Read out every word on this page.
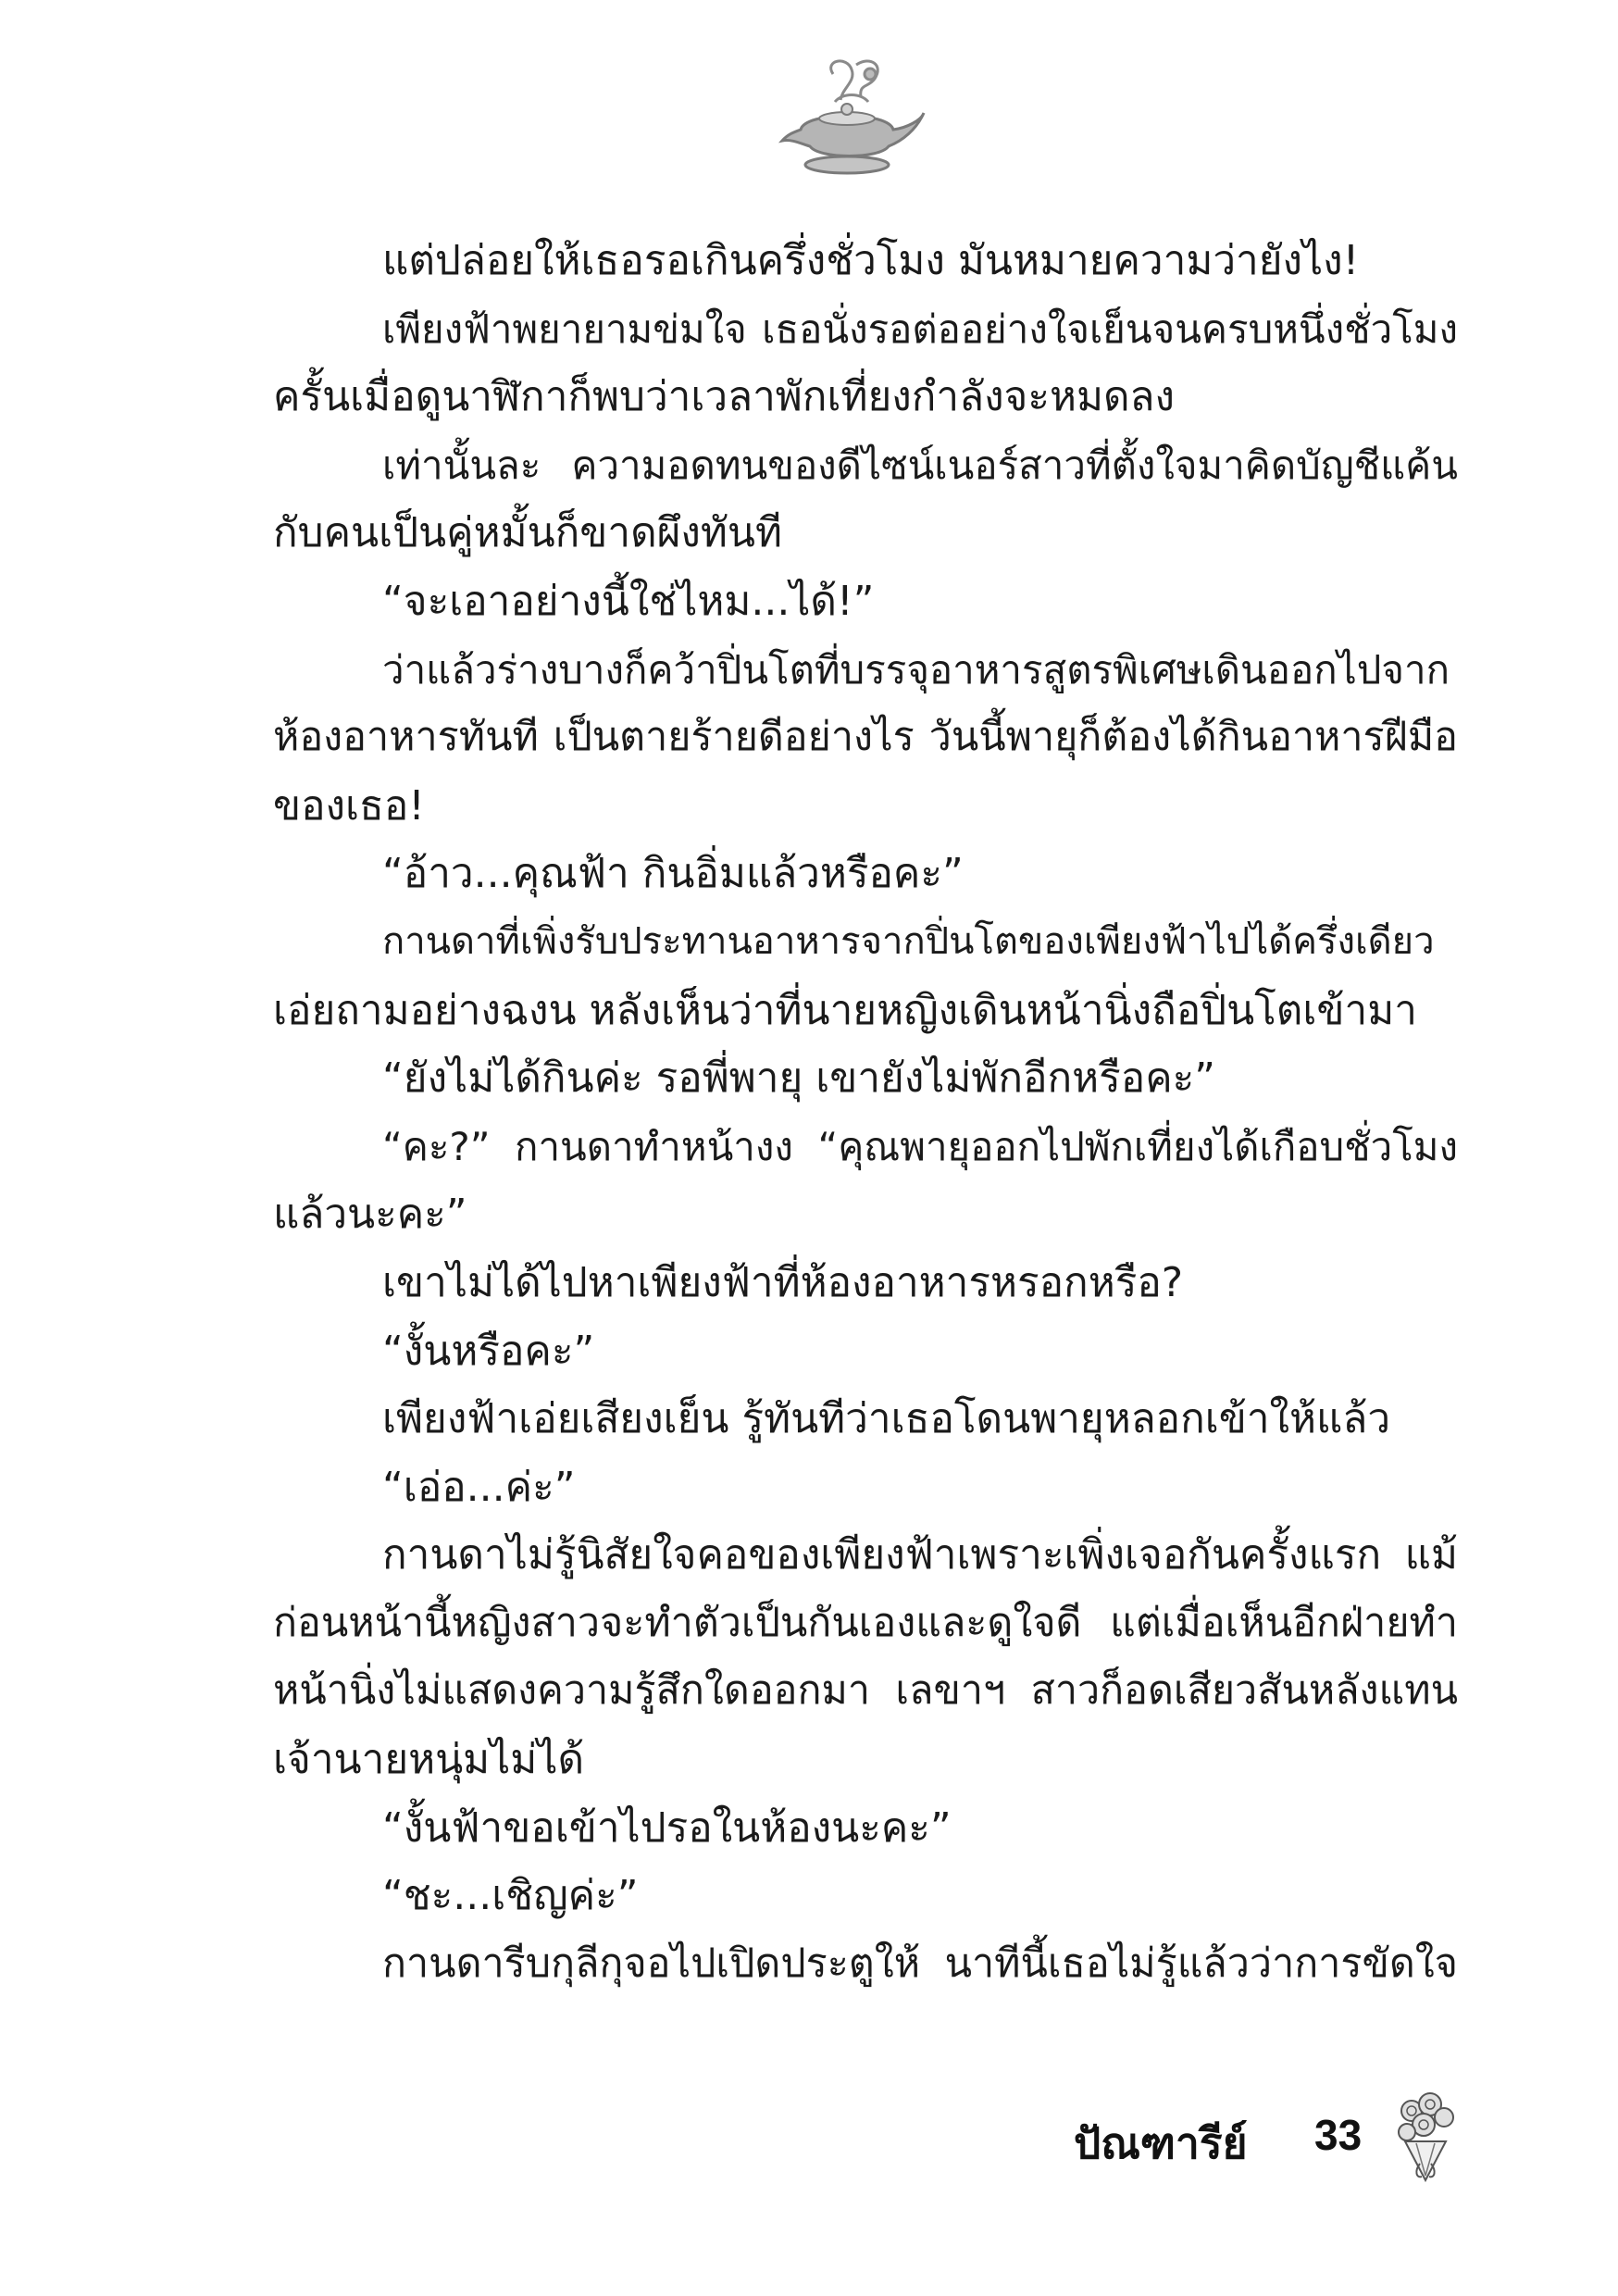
แต่ปล่อยให้เธอรอเกินครึ่งชั่วโมง มันหมายความว่ายังไง!
เพียงฟ้าพยายามข่มใจ เธอนั่งรอต่ออย่างใจเย็นจนครบหนึ่งชั่วโมง
ครั้นเมื่อดูนาฬิกาก็พบว่าเวลาพักเที่ยงกำลังจะหมดลง
เท่านั้นละ ความอดทนของดีไซน์เนอร์สาวที่ตั้งใจมาคิดบัญชีแค้น
กับคนเป็นคู่หมั้นก็ขาดผึงทันที
“จะเอาอย่างนี้ใช่ไหม...ได้!”
ว่าแล้วร่างบางก็คว้าปิ่นโตที่บรรจุอาหารสูตรพิเศษเดินออกไปจาก
ห้องอาหารทันที เป็นตายร้ายดีอย่างไร วันนี้พายุก็ต้องได้กินอาหารฝีมือ
ของเธอ!
“อ้าว...คุณฟ้า กินอิ่มแล้วหรือคะ”
กานดาที่เพิ่งรับประทานอาหารจากปิ่นโตของเพียงฟ้าไปได้ครึ่งเดียว
เอ่ยถามอย่างฉงน หลังเห็นว่าที่นายหญิงเดินหน้านิ่งถือปิ่นโตเข้ามา
“ยังไม่ได้กินค่ะ รอพี่พายุ เขายังไม่พักอีกหรือคะ”
“คะ?” กานดาทำหน้างง “คุณพายุออกไปพักเที่ยงได้เกือบชั่วโมง
แล้วนะคะ”
เขาไม่ได้ไปหาเพียงฟ้าที่ห้องอาหารหรอกหรือ?
“งั้นหรือคะ”
เพียงฟ้าเอ่ยเสียงเย็น รู้ทันทีว่าเธอโดนพายุหลอกเข้าให้แล้ว
“เอ่อ...ค่ะ”
กานดาไม่รู้นิสัยใจคอของเพียงฟ้าเพราะเพิ่งเจอกันครั้งแรก แม้
ก่อนหน้านี้หญิงสาวจะทำตัวเป็นกันเองและดูใจดี แต่เมื่อเห็นอีกฝ่ายทำ
หน้านิ่งไม่แสดงความรู้สึกใดออกมา เลขาฯ สาวก็อดเสียวสันหลังแทน
เจ้านายหนุ่มไม่ได้
“งั้นฟ้าขอเข้าไปรอในห้องนะคะ”
“ชะ...เชิญค่ะ”
กานดารีบกุลีกุจอไปเปิดประตูให้ นาทีนี้เธอไม่รู้แล้วว่าการขัดใจ
ปัณฑารีย์ 33
